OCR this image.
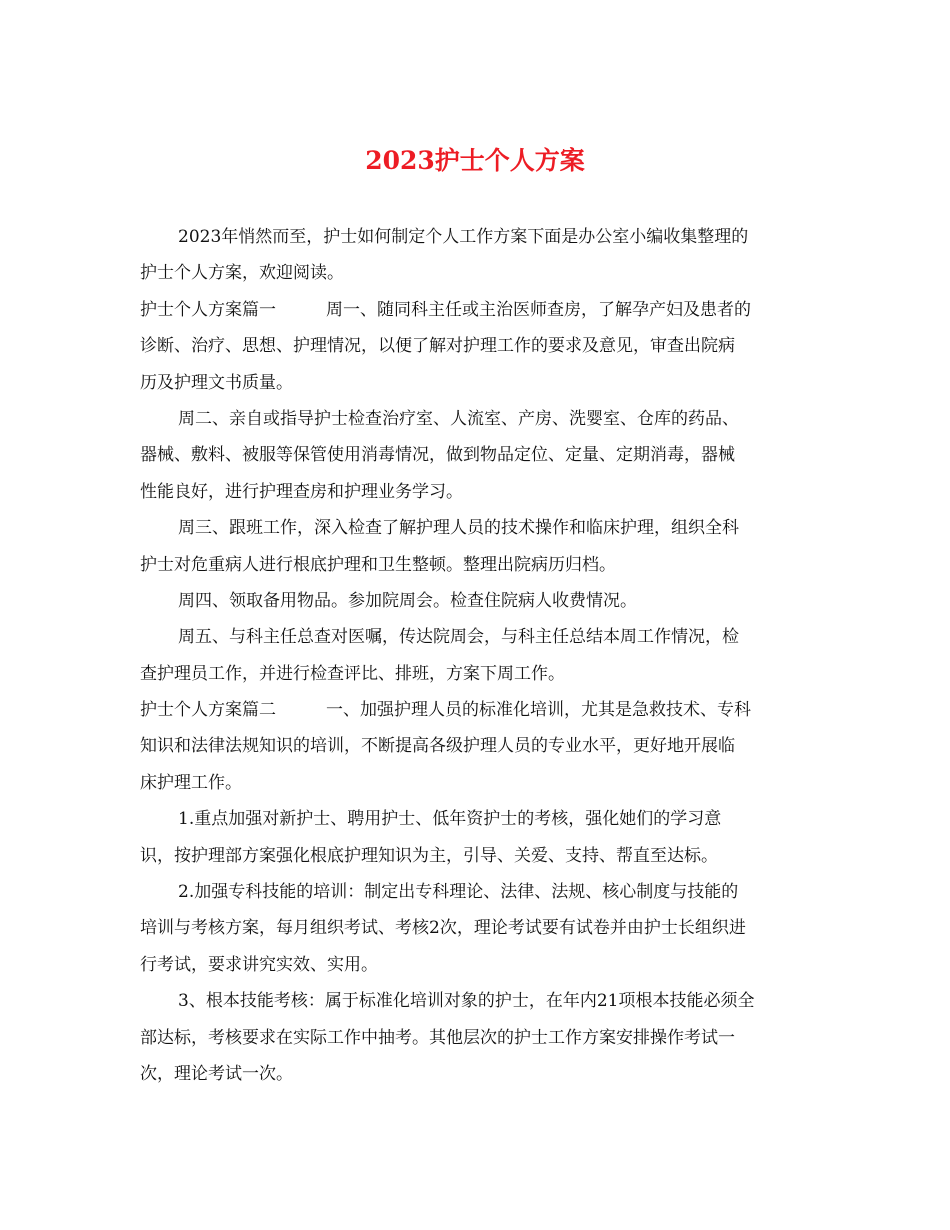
2023护士个人方案
2023年悄然而至，护士如何制定个人工作方案下面是办公室小编收集整理的
护士个人方案，欢迎阅读。
护士个人方案篇一	周一、随同科主任或主治医师查房，了解孕产妇及患者的
诊断、治疗、思想、护理情况，以便了解对护理工作的要求及意见，审查出院病
历及护理文书质量。
周二、亲自或指导护士检查治疗室、人流室、产房、洗婴室、仓库的药品、
器械、敷料、被服等保管使用消毒情况，做到物品定位、定量、定期消毒，器械
性能良好，进行护理查房和护理业务学习。
周三、跟班工作，深入检查了解护理人员的技术操作和临床护理，组织全科
护士对危重病人进行根底护理和卫生整顿。整理出院病历归档。
周四、领取备用物品。参加院周会。检查住院病人收费情况。
周五、与科主任总查对医嘱，传达院周会，与科主任总结本周工作情况，检
查护理员工作，并进行检查评比、排班，方案下周工作。
护士个人方案篇二	一、加强护理人员的标准化培训，尤其是急救技术、专科
知识和法律法规知识的培训，不断提高各级护理人员的专业水平，更好地开展临
床护理工作。
1.重点加强对新护士、聘用护士、低年资护士的考核，强化她们的学习意
识，按护理部方案强化根底护理知识为主，引导、关爱、支持、帮直至达标。
2.加强专科技能的培训：制定出专科理论、法律、法规、核心制度与技能的
培训与考核方案，每月组织考试、考核2次，理论考试要有试卷并由护士长组织进
行考试，要求讲究实效、实用。
3、根本技能考核：属于标准化培训对象的护士，在年内21项根本技能必须全
部达标，考核要求在实际工作中抽考。其他层次的护士工作方案安排操作考试一
次，理论考试一次。
